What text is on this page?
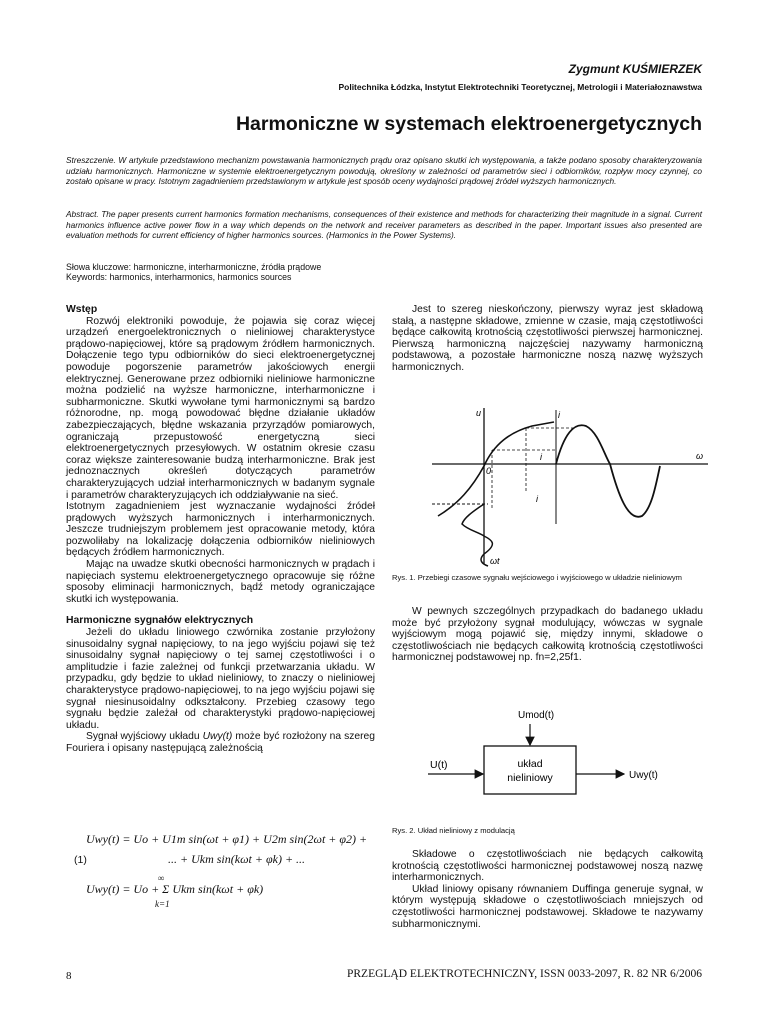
Zygmunt KUŚMIERZEK
Politechnika Łódzka, Instytut Elektrotechniki Teoretycznej, Metrologii i Materiałoznawstwa
Harmoniczne w systemach elektroenergetycznych
Streszczenie. W artykule przedstawiono mechanizm powstawania harmonicznych prądu oraz opisano skutki ich występowania, a także podano sposoby charakteryzowania udziału harmonicznych. Harmoniczne w systemie elektroenergetycznym powodują, określony w zależności od parametrów sieci i odbiorników, rozpływ mocy czynnej, co zostało opisane w pracy. Istotnym zagadnieniem przedstawionym w artykule jest sposób oceny wydajności prądowej źródeł wyższych harmonicznych.
Abstract. The paper presents current harmonics formation mechanisms, consequences of their existence and methods for characterizing their magnitude in a signal. Current harmonics influence active power flow in a way which depends on the network and receiver parameters as described in the paper. Important issues also presented are evaluation methods for current efficiency of higher harmonics sources. (Harmonics in the Power Systems).
Słowa kluczowe: harmoniczne, interharmoniczne, źródła prądowe
Keywords: harmonics, interharmonics, harmonics sources
Wstęp

Rozwój elektroniki powoduje, że pojawia się coraz więcej urządzeń energoelektronicznych o nieliniowej charakterystyce prądowo-napięciowej, które są prądowym źródłem harmonicznych. Dołączenie tego typu odbiorników do sieci elektroenergetycznej powoduje pogorszenie parametrów jakościowych energii elektrycznej. Generowane przez odbiorniki nieliniowe harmoniczne można podzielić na wyższe harmoniczne, interharmoniczne i subharmoniczne. Skutki wywołane tymi harmonicznymi są bardzo różnorodne, np. mogą powodować błędne działanie układów zabezpieczających, błędne wskazania przyrządów pomiarowych, ograniczają przepustowość energetyczną sieci elektroenergetycznych przesyłowych. W ostatnim okresie czasu coraz większe zainteresowanie budzą interharmoniczne. Brak jest jednoznacznych określeń dotyczących parametrów charakteryzujących udział interharmonicznych w badanym sygnale i parametrów charakteryzujących ich oddziaływanie na sieć.

Istotnym zagadnieniem jest wyznaczanie wydajności źródeł prądowych wyższych harmonicznych i interharmonicznych. Jeszcze trudniejszym problemem jest opracowanie metody, która pozwoliłaby na lokalizację dołączenia odbiorników nieliniowych będących źródłem harmonicznych.

Mając na uwadze skutki obecności harmonicznych w prądach i napięciach systemu elektroenergetycznego opracowuje się różne sposoby eliminacji harmonicznych, bądź metody ograniczające skutki ich występowania.

Harmoniczne sygnałów elektrycznych

Jeżeli do układu liniowego czwórnika zostanie przyłożony sinusoidalny sygnał napięciowy, to na jego wyjściu pojawi się też sinusoidalny sygnał napięciowy o tej samej częstotliwości i o amplitudzie i fazie zależnej od funkcji przetwarzania układu. W przypadku, gdy będzie to układ nieliniowy, to znaczy o nieliniowej charakterystyce prądowo-napięciowej, to na jego wyjściu pojawi się sygnał niesinusoidalny odkształcony. Przebieg czasowy tego sygnału będzie zależał od charakterystyki prądowo-napięciowej układu.

Sygnał wyjściowy układu Uwy(t) może być rozłożony na szereg Fouriera i opisany następującą zależnością

Uwy(t) = Uo + U1m sin(ωt + φ1) + U2m sin(2ωt + φ2) +
(1)	... + Ukm sin(kωt + φk) + ...
∞
Uwy(t) = Uo + Σ Ukm sin(kωt + φk)
k=1

Jest to szereg nieskończony, pierwszy wyraz jest składową stałą, a następne składowe, zmienne w czasie, mają częstotliwości będące całkowitą krotnością częstotliwości pierwszej harmonicznej. Pierwszą harmoniczną najczęściej nazywamy harmoniczną podstawową, a pozostałe harmoniczne noszą nazwę wyższych harmonicznych.

u	i
ω
0
i
i
ωt
Rys. 1. Przebiegi czasowe sygnału wejściowego i wyjściowego w układzie nieliniowym

W pewnych szczególnych przypadkach do badanego układu może być przyłożony sygnał modulujący, wówczas w sygnale wyjściowym mogą pojawić się, między innymi, składowe o częstotliwościach nie będących całkowitą krotnością częstotliwości harmonicznej podstawowej np. fn=2,25f1.

Umod(t)
U(t)	układ
nieliniowy	Uwy(t)
Rys. 2. Układ nieliniowy z modulacją

Składowe o częstotliwościach nie będących całkowitą krotnością częstotliwości harmonicznej podstawowej noszą nazwę interharmonicznych.

Układ liniowy opisany równaniem Duffinga generuje sygnał, w którym występują składowe o częstotliwościach mniejszych od częstotliwości harmonicznej podstawowej. Składowe te nazywamy subharmonicznymi.

8	PRZEGLĄD ELEKTROTECHNICZNY, ISSN 0033-2097, R. 82 NR 6/2006
